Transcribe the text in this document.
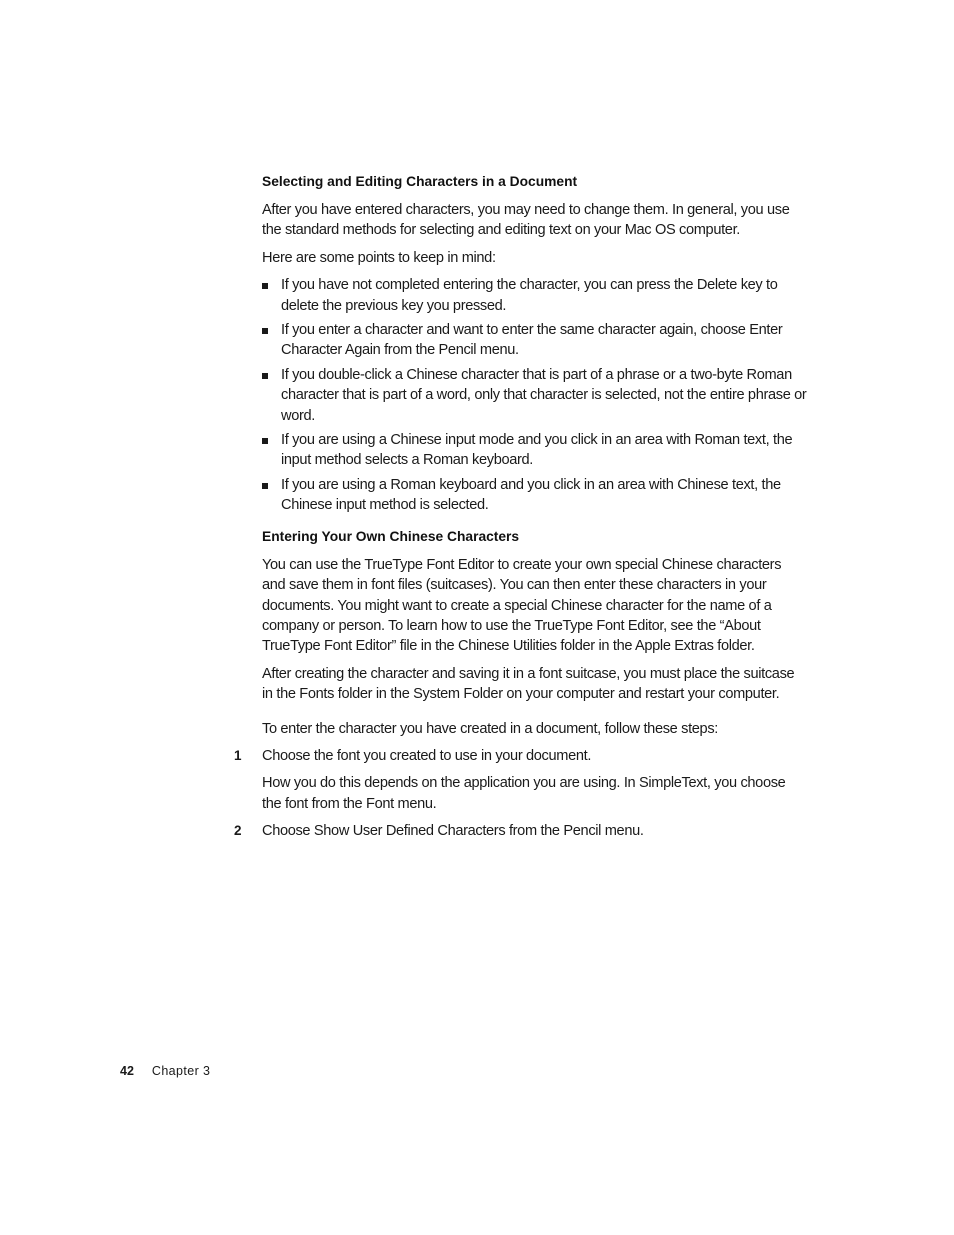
Selecting and Editing Characters in a Document

After you have entered characters, you may need to change them. In general, you use the standard methods for selecting and editing text on your Mac OS computer.

Here are some points to keep in mind:

If you have not completed entering the character, you can press the Delete key to delete the previous key you pressed.
If you enter a character and want to enter the same character again, choose Enter Character Again from the Pencil menu.
If you double-click a Chinese character that is part of a phrase or a two-byte Roman character that is part of a word, only that character is selected, not the entire phrase or word.
If you are using a Chinese input mode and you click in an area with Roman text, the input method selects a Roman keyboard.
If you are using a Roman keyboard and you click in an area with Chinese text, the Chinese input method is selected.
Entering Your Own Chinese Characters

You can use the TrueType Font Editor to create your own special Chinese characters and save them in font files (suitcases). You can then enter these characters in your documents. You might want to create a special Chinese character for the name of a company or person. To learn how to use the TrueType Font Editor, see the “About TrueType Font Editor” file in the Chinese Utilities folder in the Apple Extras folder.

After creating the character and saving it in a font suitcase, you must place the suitcase in the Fonts folder in the System Folder on your computer and restart your computer.

To enter the character you have created in a document, follow these steps:

1 Choose the font you created to use in your document.

How you do this depends on the application you are using. In SimpleText, you choose the font from the Font menu.

2 Choose Show User Defined Characters from the Pencil menu.

42 Chapter 3
